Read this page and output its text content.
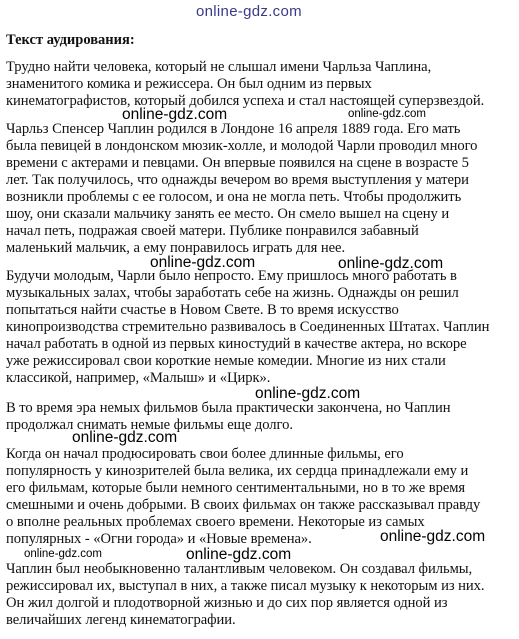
online-gdz.com
Текст аудирования:
Трудно найти человека, который не слышал имени Чарльза Чаплина,
знаменитого комика и режиссера. Он был одним из первых
кинематографистов, который добился успеха и стал настоящей суперзвездой.
Чарльз Спенсер Чаплин родился в Лондоне 16 апреля 1889 года. Его мать
была певицей в лондонском мюзик-холле, и молодой Чарли проводил много
времени с актерами и певцами. Он впервые появился на сцене в возрасте 5
лет. Так получилось, что однажды вечером во время выступления у матери
возникли проблемы с ее голосом, и она не могла петь. Чтобы продолжить
шоу, они сказали мальчику занять ее место. Он смело вышел на сцену и
начал петь, подражая своей матери. Публике понравился забавный
маленький мальчик, а ему понравилось играть для нее.
Будучи молодым, Чарли было непросто. Ему пришлось много работать в
музыкальных залах, чтобы заработать себе на жизнь. Однажды он решил
попытаться найти счастье в Новом Свете. В то время искусство
кинопроизводства стремительно развивалось в Соединенных Штатах. Чаплин
начал работать в одной из первых киностудий в качестве актера, но вскоре
уже режиссировал свои короткие немые комедии. Многие из них стали
классикой, например, «Малыш» и «Цирк».
В то время эра немых фильмов была практически закончена, но Чаплин
продолжал снимать немые фильмы еще долго.
Когда он начал продюсировать свои более длинные фильмы, его
популярность у кинозрителей была велика, их сердца принадлежали ему и
его фильмам, которые были немного сентиментальными, но в то же время
смешными и очень добрыми. В своих фильмах он также рассказывал правду
о вполне реальных проблемах своего времени. Некоторые из самых
популярных - «Огни города» и «Новые времена».
Чаплин был необыкновенно талантливым человеком. Он создавал фильмы,
режиссировал их, выступал в них, а также писал музыку к некоторым из них.
Он жил долгой и плодотворной жизнью и до сих пор является одной из
величайших легенд кинематографии.
online-gdz.com	online-gdz.com
online-gdz.com	online-gdz.com
online-gdz.com
online-gdz.com
online-gdz.com
online-gdz.com	online-gdz.com
